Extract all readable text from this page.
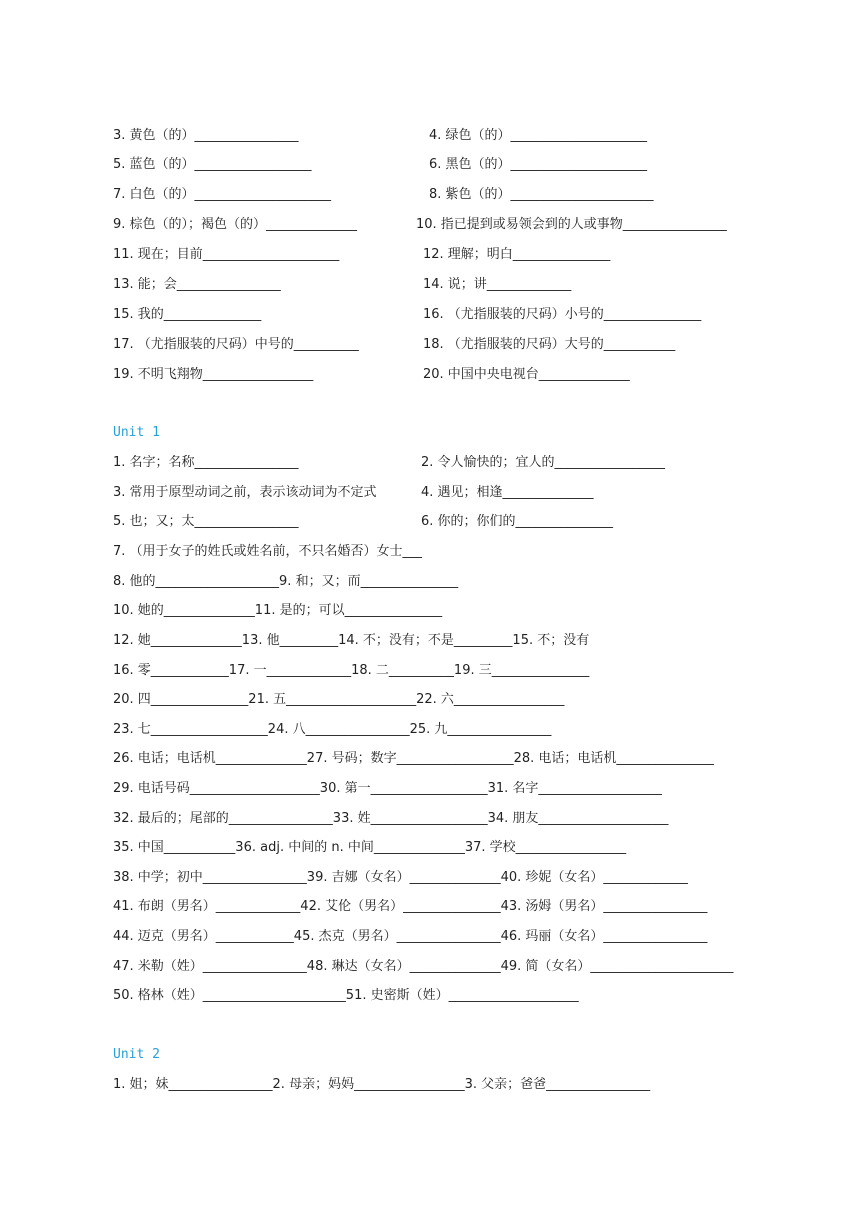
3. 黄色（的）________________	4. 绿色（的）_____________________
5. 蓝色（的）__________________	6. 黑色（的）_____________________
7. 白色（的）_____________________	8. 紫色（的）______________________
9. 棕色（的）；褐色（的）______________	10. 指已提到或易领会到的人或事物________________
11. 现在；目前_____________________	12. 理解；明白_______________
13. 能；会________________	14. 说；讲_____________
15. 我的_______________	16. （尤指服装的尺码）小号的_______________
17. （尤指服装的尺码）中号的__________	18. （尤指服装的尺码）大号的___________
19. 不明飞翔物_________________	20. 中国中央电视台______________
Unit 1
1. 名字；名称________________	2. 令人愉快的；宜人的_________________
3. 常用于原型动词之前，表示该动词为不定式	4. 遇见；相逢______________
5. 也；又；太________________	6. 你的；你们的_______________
7. （用于女子的姓氏或姓名前，不只名婚否）女士___
8. 他的___________________9. 和；又；而_______________
10. 她的______________11. 是的；可以_______________
12. 她______________13. 他_________14. 不；没有；不是_________15. 不；没有
16. 零____________17. 一_____________18. 二__________19. 三_______________
20. 四_______________21. 五____________________22. 六_________________
23. 七__________________24. 八________________25. 九________________
26. 电话；电话机______________27. 号码；数字__________________28. 电话；电话机_______________
29. 电话号码____________________30. 第一__________________31. 名字___________________
32. 最后的；尾部的________________33. 姓__________________34. 朋友____________________
35. 中国___________36. adj. 中间的 n. 中间______________37. 学校_________________
38. 中学；初中________________39. 吉娜（女名）______________40. 珍妮（女名）_____________
41. 布朗（男名）_____________42. 艾伦（男名）_______________43. 汤姆（男名）________________
44. 迈克（男名）____________45. 杰克（男名）________________46. 玛丽（女名）________________
47. 米勒（姓）________________48. 琳达（女名）______________49. 简（女名）______________________
50. 格林（姓）______________________51. 史密斯（姓）____________________
Unit 2
1. 姐；妹________________2. 母亲；妈妈_________________3. 父亲；爸爸________________
